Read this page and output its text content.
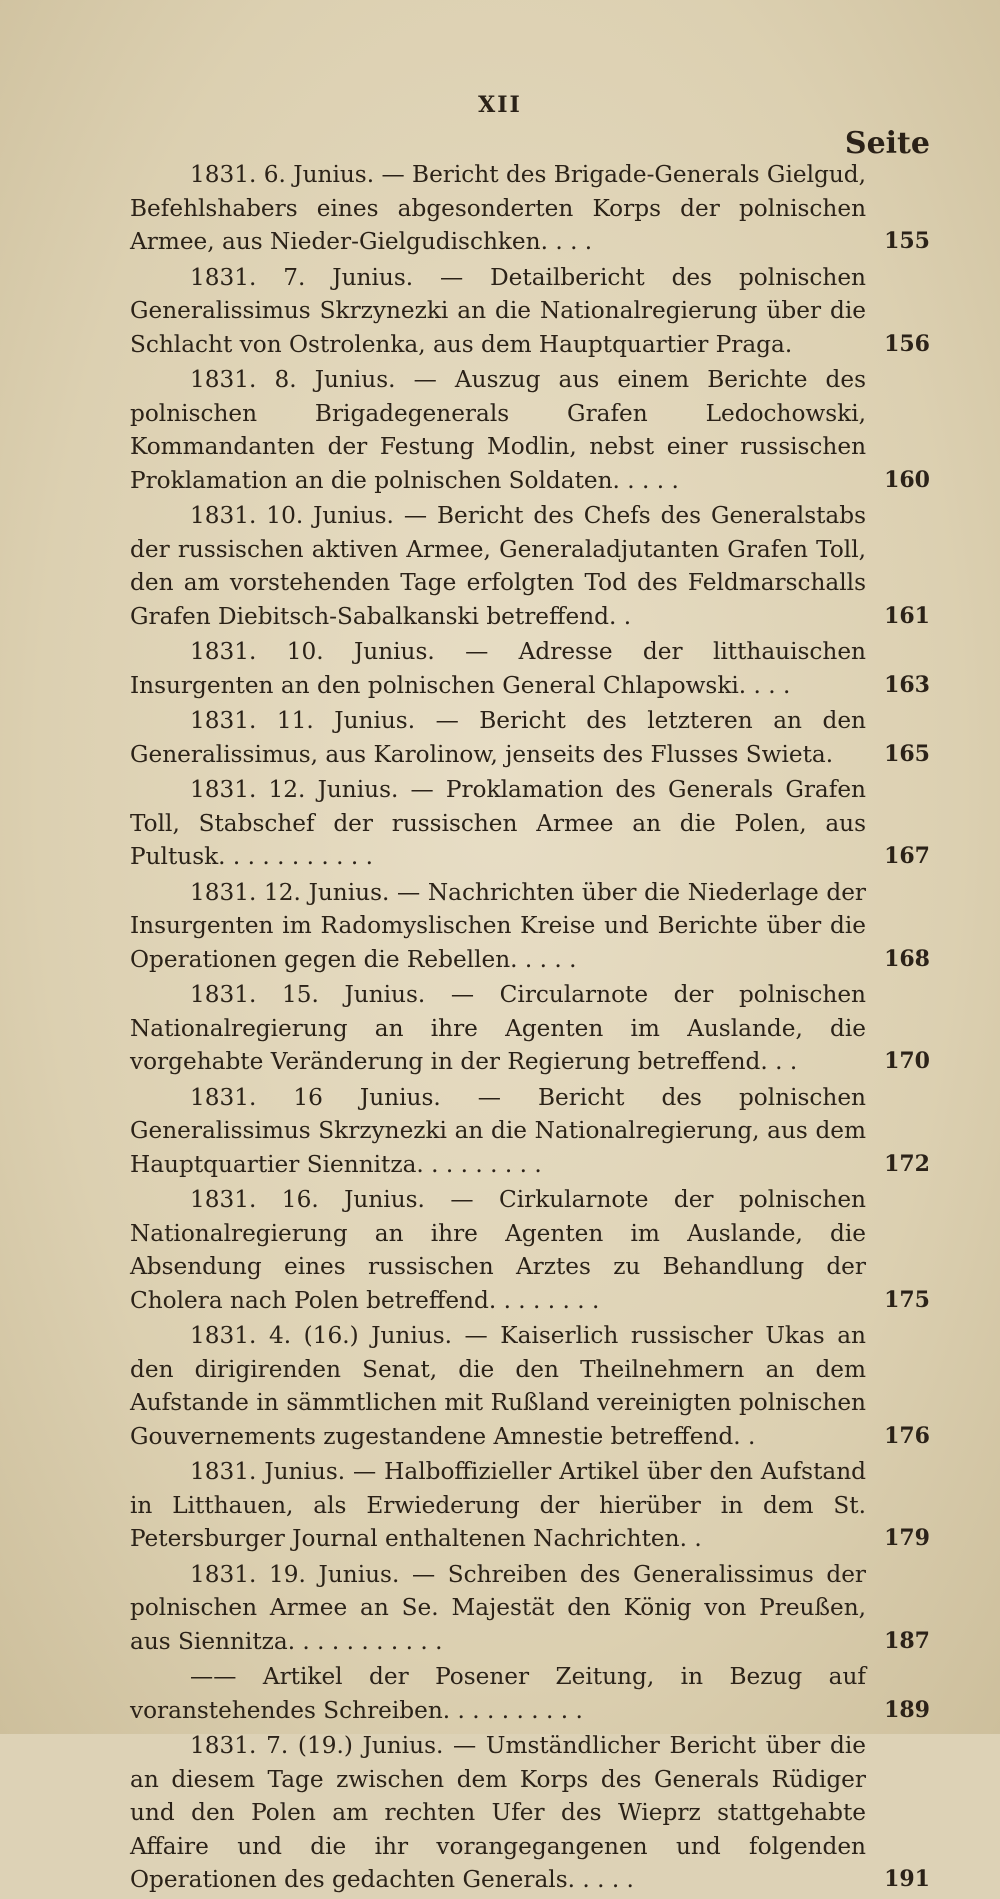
XII
Seite
1831. 6. Junius. — Bericht des Brigade-Generals Gielgud, Befehlshabers eines abgesonderten Korps der polnischen Armee, aus Nieder-Gielgudischken. . . .	155
1831. 7. Junius. — Detailbericht des polnischen Generalissimus Skrzynezki an die Nationalregierung über die Schlacht von Ostrolenka, aus dem Hauptquartier Praga.	156
1831. 8. Junius. — Auszug aus einem Berichte des polnischen Brigadegenerals Grafen Ledochowski, Kommandanten der Festung Modlin, nebst einer russischen Proklamation an die polnischen Soldaten. . . . .	160
1831. 10. Junius. — Bericht des Chefs des Generalstabs der russischen aktiven Armee, Generaladjutanten Grafen Toll, den am vorstehenden Tage erfolgten Tod des Feldmarschalls Grafen Diebitsch-Sabalkanski betreffend. .	161
1831. 10. Junius. — Adresse der litthauischen Insurgenten an den polnischen General Chlapowski. . . .	163
1831. 11. Junius. — Bericht des letzteren an den Generalissimus, aus Karolinow, jenseits des Flusses Swieta.	165
1831. 12. Junius. — Proklamation des Generals Grafen Toll, Stabschef der russischen Armee an die Polen, aus Pultusk. . . . . . . . . . .	167
1831. 12. Junius. — Nachrichten über die Niederlage der Insurgenten im Radomyslischen Kreise und Berichte über die Operationen gegen die Rebellen. . . . .	168
1831. 15. Junius. — Circularnote der polnischen Nationalregierung an ihre Agenten im Auslande, die vorgehabte Veränderung in der Regierung betreffend. . .	170
1831. 16 Junius. — Bericht des polnischen Generalissimus Skrzynezki an die Nationalregierung, aus dem Hauptquartier Siennitza. . . . . . . . .	172
1831. 16. Junius. — Cirkularnote der polnischen Nationalregierung an ihre Agenten im Auslande, die Absendung eines russischen Arztes zu Behandlung der Cholera nach Polen betreffend. . . . . . . .	175
1831. 4. (16.) Junius. — Kaiserlich russischer Ukas an den dirigirenden Senat, die den Theilnehmern an dem Aufstande in sämmtlichen mit Rußland vereinigten polnischen Gouvernements zugestandene Amnestie betreffend. .	176
1831. Junius. — Halboffizieller Artikel über den Aufstand in Litthauen, als Erwiederung der hierüber in dem St. Petersburger Journal enthaltenen Nachrichten. .	179
1831. 19. Junius. — Schreiben des Generalissimus der polnischen Armee an Se. Majestät den König von Preußen, aus Siennitza. . . . . . . . . . .	187
—— Artikel der Posener Zeitung, in Bezug auf voranstehendes Schreiben. . . . . . . . . .	189
1831. 7. (19.) Junius. — Umständlicher Bericht über die an diesem Tage zwischen dem Korps des Generals Rüdiger und den Polen am rechten Ufer des Wieprz stattgehabte Affaire und die ihr vorangegangenen und folgenden Operationen des gedachten Generals. . . . .	191
